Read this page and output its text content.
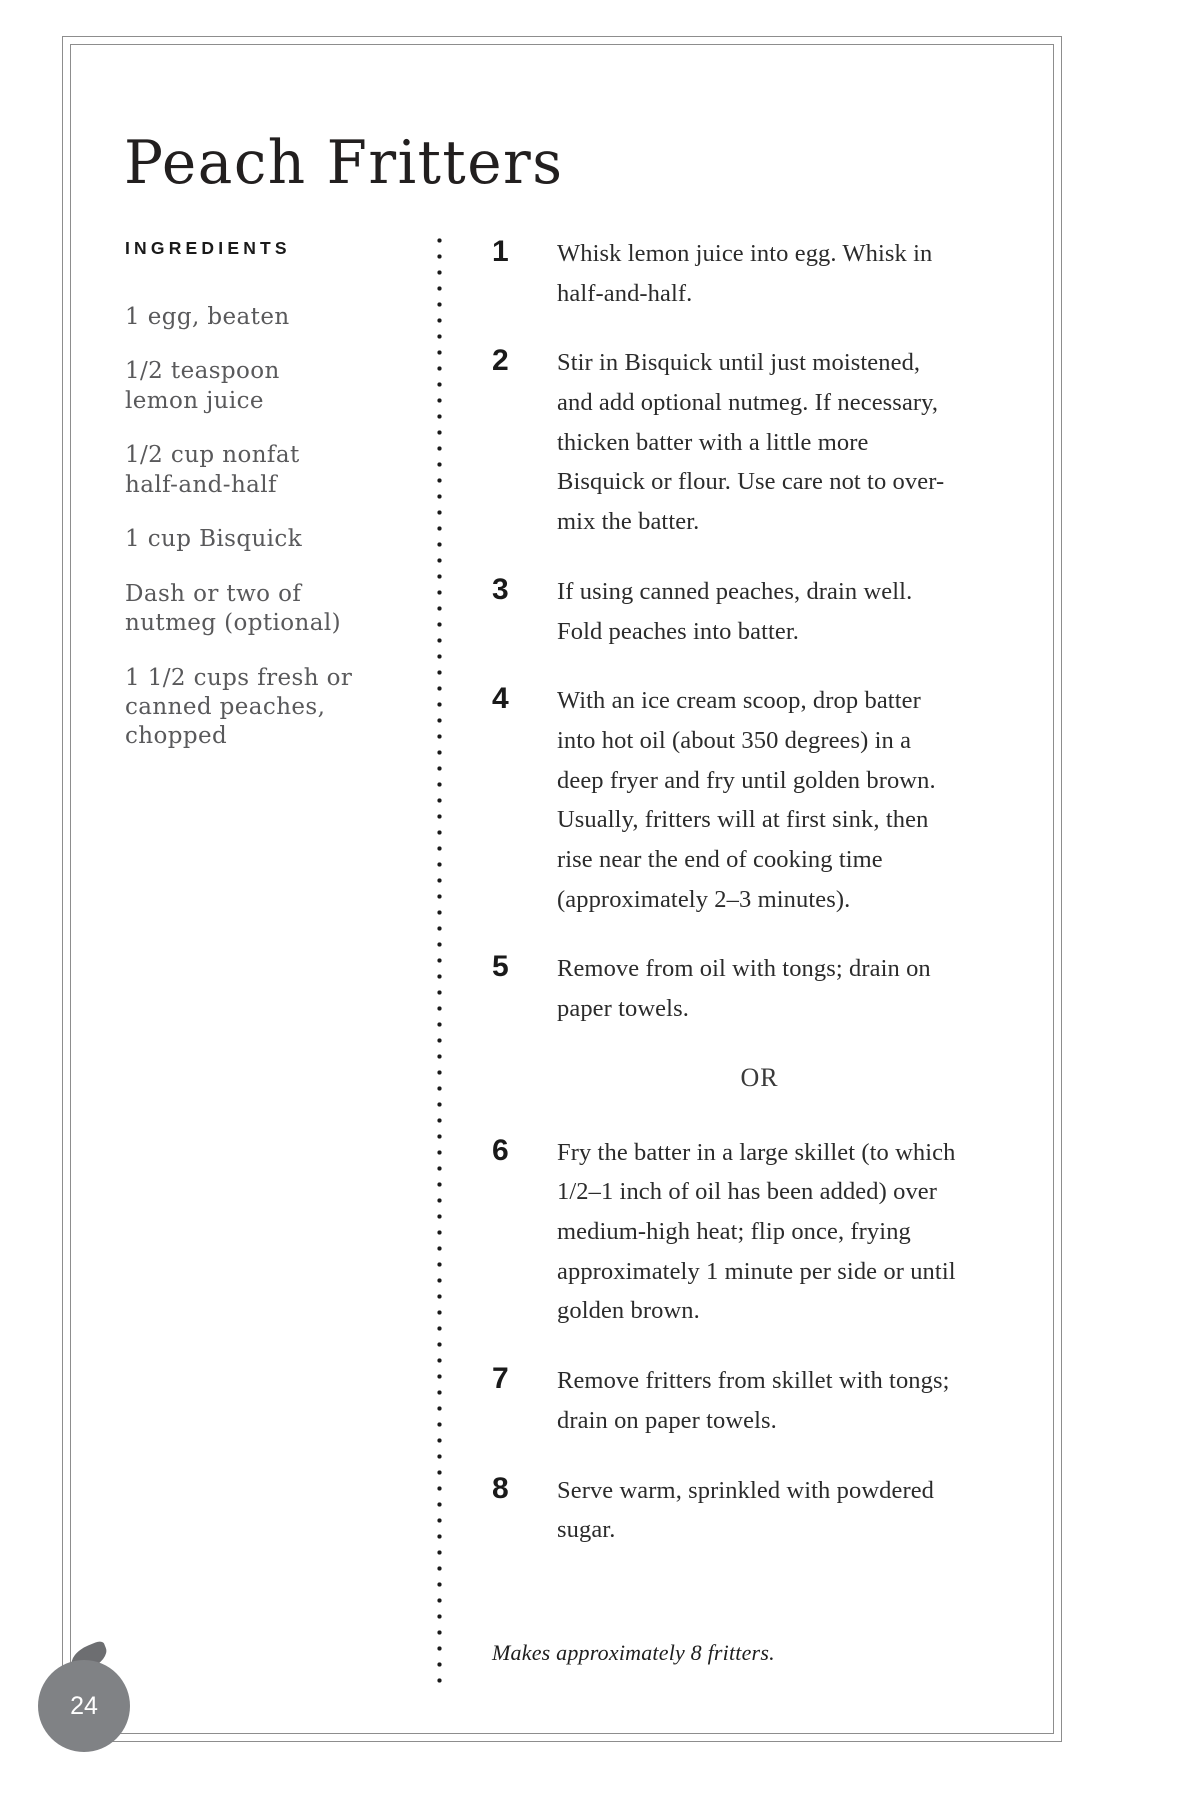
Peach Fritters
INGREDIENTS
1 egg, beaten
1/2 teaspoon lemon juice
1/2 cup nonfat half-and-half
1 cup Bisquick
Dash or two of nutmeg (optional)
1 1/2 cups fresh or canned peaches, chopped
1	Whisk lemon juice into egg. Whisk in half-and-half.
2	Stir in Bisquick until just moistened, and add optional nutmeg. If necessary, thicken batter with a little more Bisquick or flour. Use care not to over-mix the batter.
3	If using canned peaches, drain well. Fold peaches into batter.
4	With an ice cream scoop, drop batter into hot oil (about 350 degrees) in a deep fryer and fry until golden brown. Usually, fritters will at first sink, then rise near the end of cooking time (approximately 2–3 minutes).
5	Remove from oil with tongs; drain on paper towels.
OR
6	Fry the batter in a large skillet (to which 1/2–1 inch of oil has been added) over medium-high heat; flip once, frying approximately 1 minute per side or until golden brown.
7	Remove fritters from skillet with tongs; drain on paper towels.
8	Serve warm, sprinkled with powdered sugar.
Makes approximately 8 fritters.
24
